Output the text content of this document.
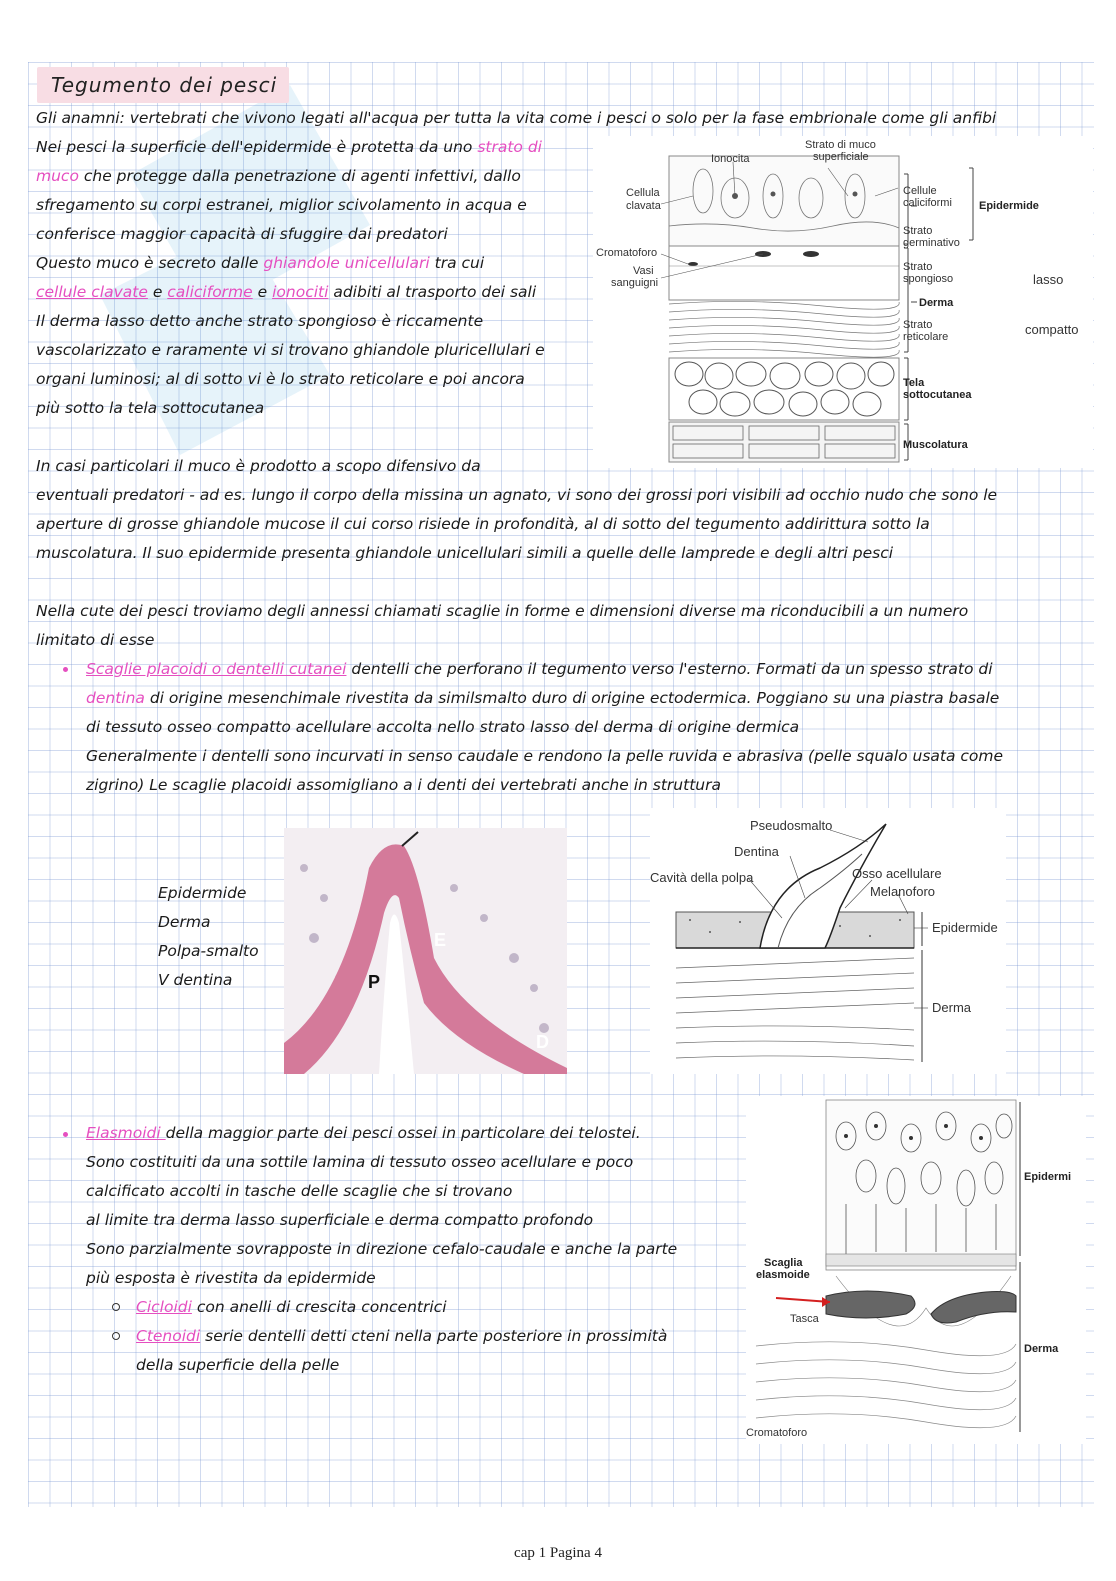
Tegumento dei pesci
Gli anamni: vertebrati che vivono legati all'acqua per tutta la vita come i pesci o solo per la fase embrionale come gli anfibi
Nei pesci la superficie dell'epidermide è protetta da uno strato di
muco che protegge dalla penetrazione di agenti infettivi, dallo
sfregamento su corpi estranei, miglior scivolamento in acqua e
conferisce maggior capacità di sfuggire dai predatori
Questo muco è secreto dalle ghiandole unicellulari tra cui
cellule clavate e caliciforme e ionociti adibiti al trasporto dei sali
Il derma lasso detto anche strato spongioso è riccamente
vascolarizzato e raramente vi si trovano ghiandole pluricellulari e
organi luminosi; al di sotto vi è lo strato reticolare e poi ancora
più sotto la tela sottocutanea
Strato di muco
superficiale
Ionocita
Cellula
clavata
Cellule
caliciformi Epidermide
Strato
germinativo
Cromatoforo
Vasi
sanguigni
Strato
spongioso	lasso
Derma
Strato
reticolare	compatto
Tela
sottocutanea
Muscolatura
In casi particolari il muco è prodotto a scopo difensivo da
eventuali predatori - ad es. lungo il corpo della missina un agnato, vi sono dei grossi pori visibili ad occhio nudo che sono le
aperture di grosse ghiandole mucose il cui corso risiede in profondità, al di sotto del tegumento addirittura sotto la
muscolatura. Il suo epidermide presenta ghiandole unicellulari simili a quelle delle lamprede e degli altri pesci
Nella cute dei pesci troviamo degli annessi chiamati scaglie in forme e dimensioni diverse ma riconducibili a un numero
limitato di esse
Scaglie placoidi o dentelli cutanei dentelli che perforano il tegumento verso l'esterno. Formati da un spesso strato di
dentina di origine mesenchimale rivestita da similsmalto duro di origine ectodermica. Poggiano su una piastra basale
di tessuto osseo compatto acellulare accolta nello strato lasso del derma di origine dermica
Generalmente i dentelli sono incurvati in senso caudale e rendono la pelle ruvida e abrasiva (pelle squalo usata come
zigrino) Le scaglie placoidi assomigliano a i denti dei vertebrati anche in struttura
Epidermide
Derma
Polpa-smalto
V dentina
E
P
D
Pseudosmalto
Dentina
Cavità della polpa	Osso acellulare
Melanoforo
Epidermide
Derma
Elasmoidi della maggior parte dei pesci ossei in particolare dei telostei.
Sono costituiti da una sottile lamina di tessuto osseo acellulare e poco
calcificato accolti in tasche delle scaglie che si trovano
al limite tra derma lasso superficiale e derma compatto profondo
Sono parzialmente sovrapposte in direzione cefalo-caudale e anche la parte
più esposta è rivestita da epidermide
Cicloidi con anelli di crescita concentrici
Ctenoidi serie dentelli detti cteni nella parte posteriore in prossimità
della superficie della pelle
Epidermi
Scaglia
elasmoide
Tasca
Derma
Cromatoforo
cap 1 Pagina 4
